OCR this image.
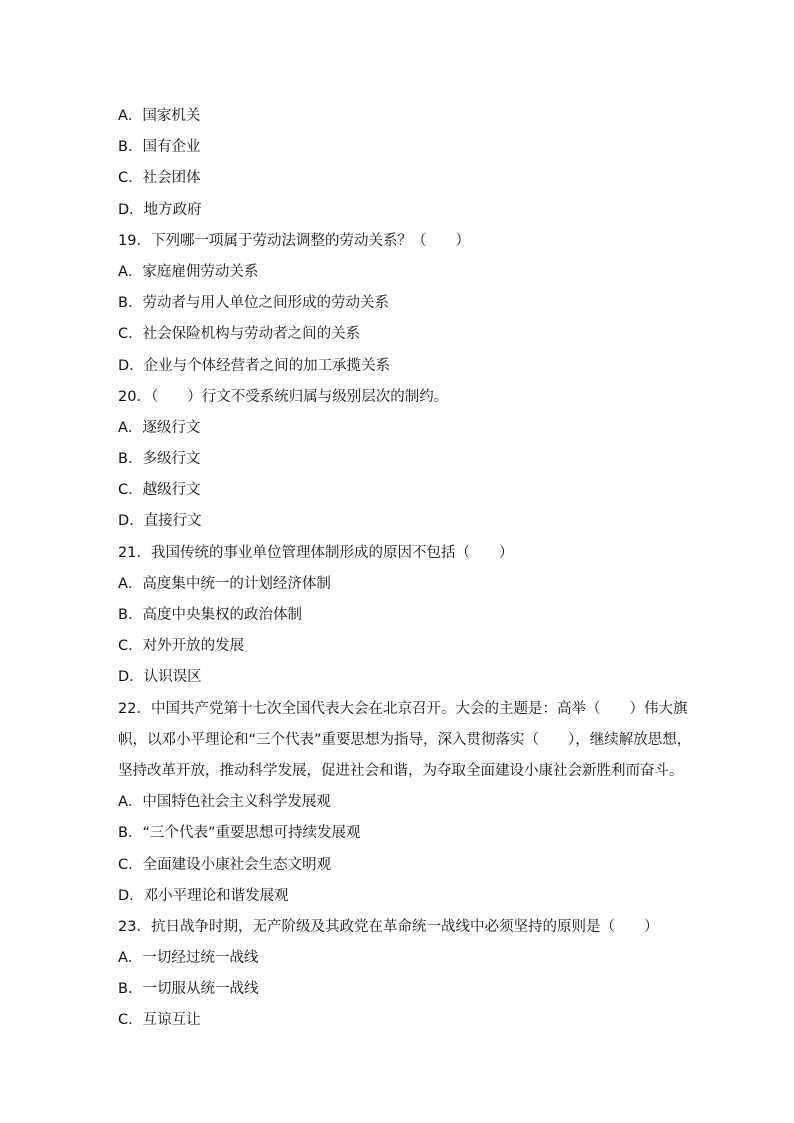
A．国家机关
B．国有企业
C．社会团体
D．地方政府
19．下列哪一项属于劳动法调整的劳动关系？（　　）
A．家庭雇佣劳动关系
B．劳动者与用人单位之间形成的劳动关系
C．社会保险机构与劳动者之间的关系
D．企业与个体经营者之间的加工承揽关系
20．（　　）行文不受系统归属与级别层次的制约。
A．逐级行文
B．多级行文
C．越级行文
D．直接行文
21．我国传统的事业单位管理体制形成的原因不包括（　　）
A．高度集中统一的计划经济体制
B．高度中央集权的政治体制
C．对外开放的发展
D．认识误区
22．中国共产党第十七次全国代表大会在北京召开。大会的主题是：高举（　　）伟大旗
帜，以邓小平理论和“三个代表”重要思想为指导，深入贯彻落实（　　），继续解放思想，
坚持改革开放，推动科学发展，促进社会和谐，为夺取全面建设小康社会新胜利而奋斗。
A．中国特色社会主义科学发展观
B．“三个代表”重要思想可持续发展观
C．全面建设小康社会生态文明观
D．邓小平理论和谐发展观
23．抗日战争时期，无产阶级及其政党在革命统一战线中必须坚持的原则是（　　）
A．一切经过统一战线
B．一切服从统一战线
C．互谅互让
